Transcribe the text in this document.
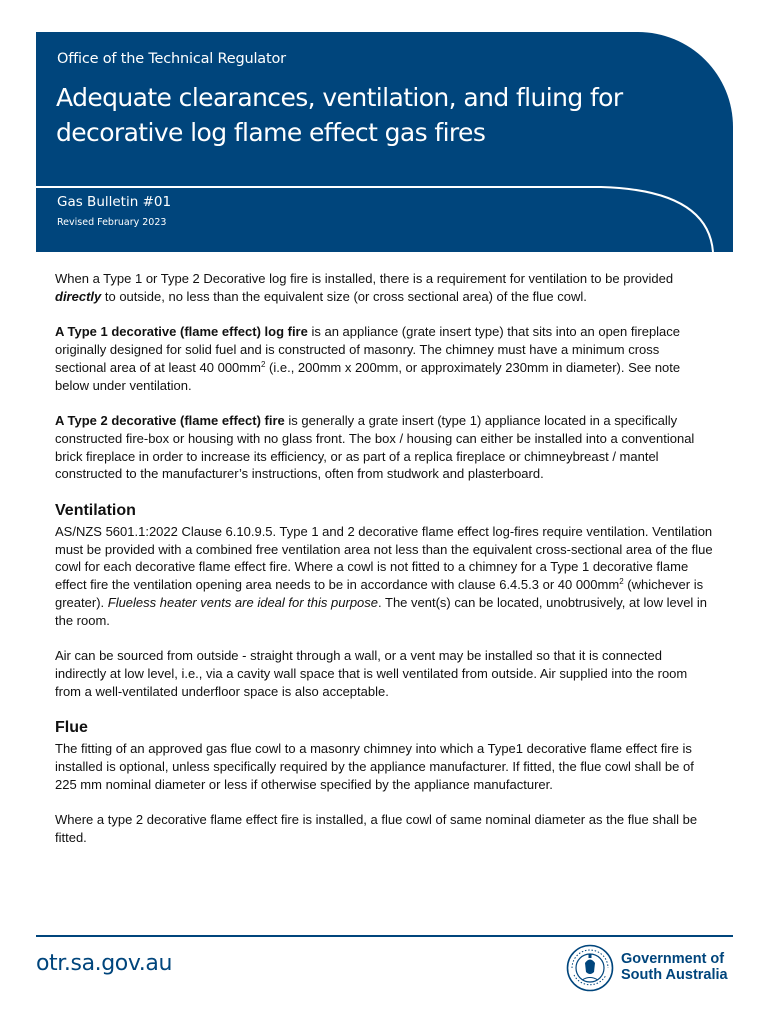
Office of the Technical Regulator
Adequate clearances, ventilation, and fluing for decorative log flame effect gas fires
Gas Bulletin #01
Revised February 2023

When a Type 1 or Type 2 Decorative log fire is installed, there is a requirement for ventilation to be provided directly to outside, no less than the equivalent size (or cross sectional area) of the flue cowl.

A Type 1 decorative (flame effect) log fire is an appliance (grate insert type) that sits into an open fireplace originally designed for solid fuel and is constructed of masonry. The chimney must have a minimum cross sectional area of at least 40 $000mm^2$ (i.e., 200mm x 200mm, or approximately 230mm in diameter). See note below under ventilation.

A Type 2 decorative (flame effect) fire is generally a grate insert (type 1) appliance located in a specifically constructed fire-box or housing with no glass front. The box / housing can either be installed into a conventional brick fireplace in order to increase its efficiency, or as part of a replica fireplace or chimneybreast / mantel constructed to the manufacturer’s instructions, often from studwork and plasterboard.

Ventilation

AS/NZS 5601.1:2022 Clause 6.10.9.5. Type 1 and 2 decorative flame effect log-fires require ventilation. Ventilation must be provided with a combined free ventilation area not less than the equivalent cross-sectional area of the flue cowl for each decorative flame effect fire. Where a cowl is not fitted to a chimney for a Type 1 decorative flame effect fire the ventilation opening area needs to be in accordance with clause 6.4.5.3 or 40 $000mm^2$ (whichever is greater). Flueless heater vents are ideal for this purpose. The vent(s) can be located, unobtrusively, at low level in the room.

Air can be sourced from outside - straight through a wall, or a vent may be installed so that it is connected indirectly at low level, i.e., via a cavity wall space that is well ventilated from outside. Air supplied into the room from a well-ventilated underfloor space is also acceptable.

Flue

The fitting of an approved gas flue cowl to a masonry chimney into which a Type1 decorative flame effect fire is installed is optional, unless specifically required by the appliance manufacturer. If fitted, the flue cowl shall be of 225 mm nominal diameter or less if otherwise specified by the appliance manufacturer.

Where a type 2 decorative flame effect fire is installed, a flue cowl of same nominal diameter as the flue shall be fitted.

otr.sa.gov.au	Government of
South Australia
